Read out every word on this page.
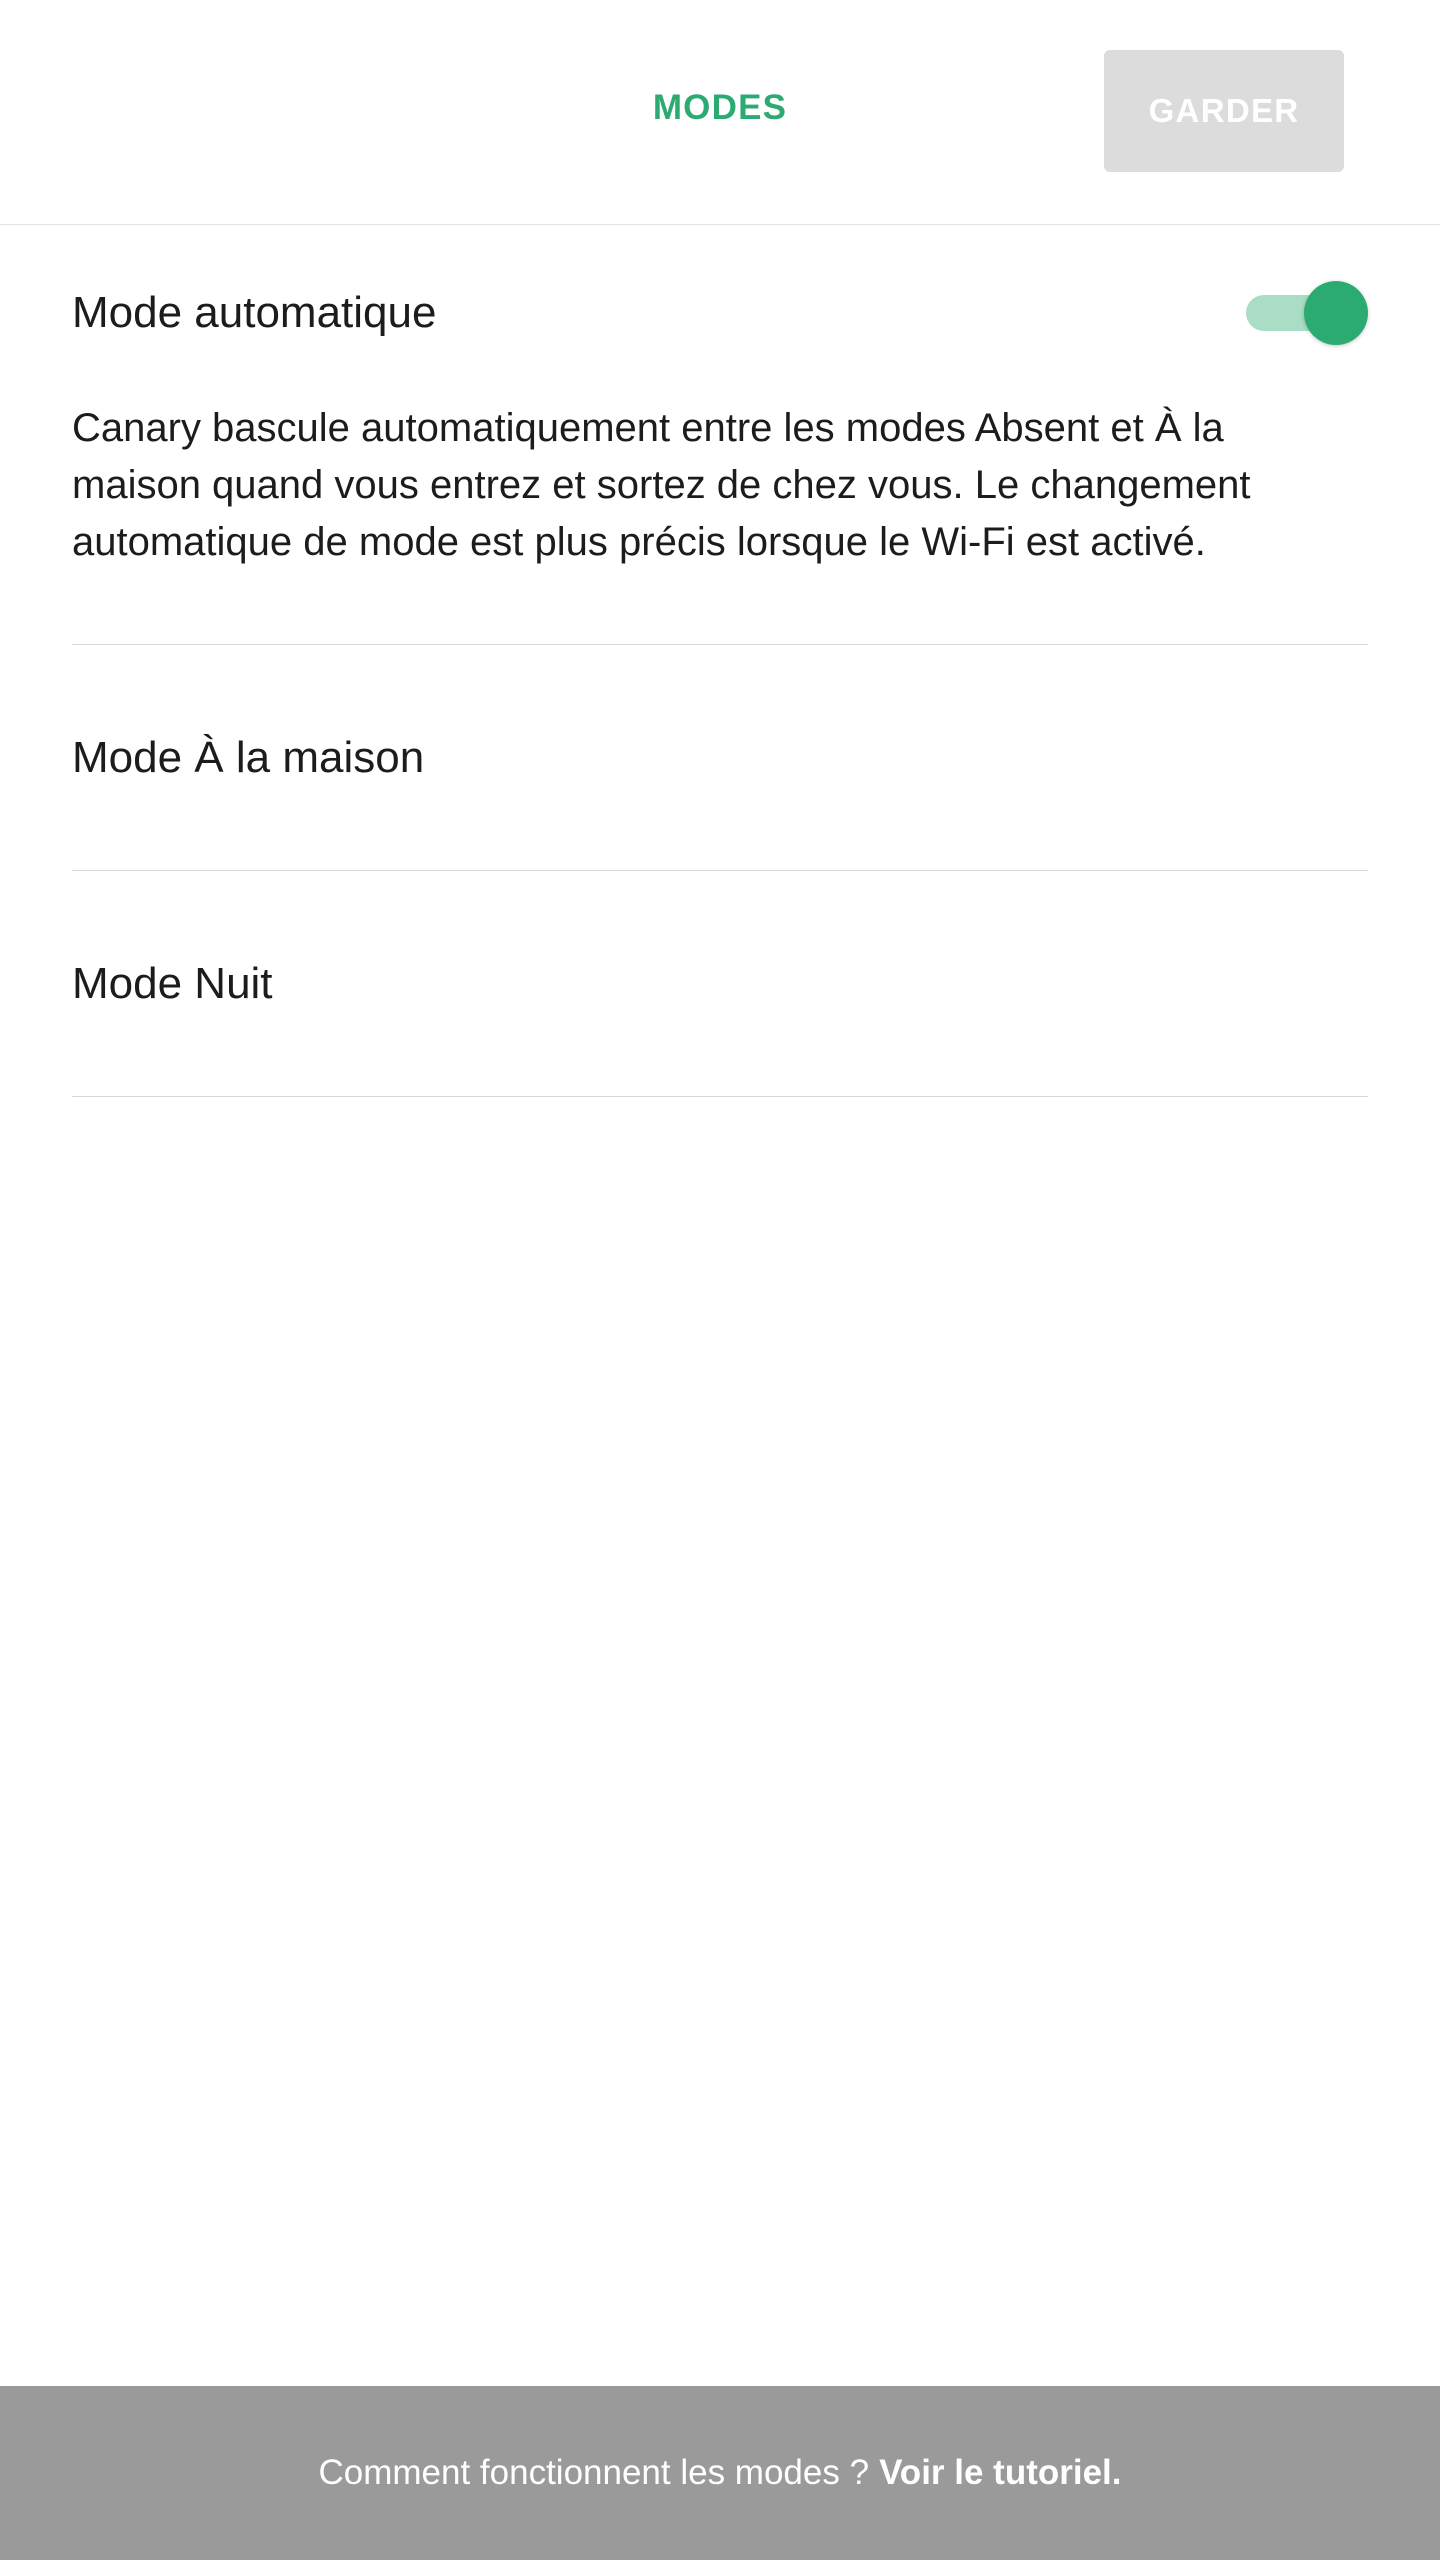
MODES	GARDER
Mode automatique
Canary bascule automatiquement entre les modes Absent et À la maison quand vous entrez et sortez de chez vous. Le changement automatique de mode est plus précis lorsque le Wi-Fi est activé.
Mode À la maison
Mode Nuit
Comment fonctionnent les modes ? Voir le tutoriel.
